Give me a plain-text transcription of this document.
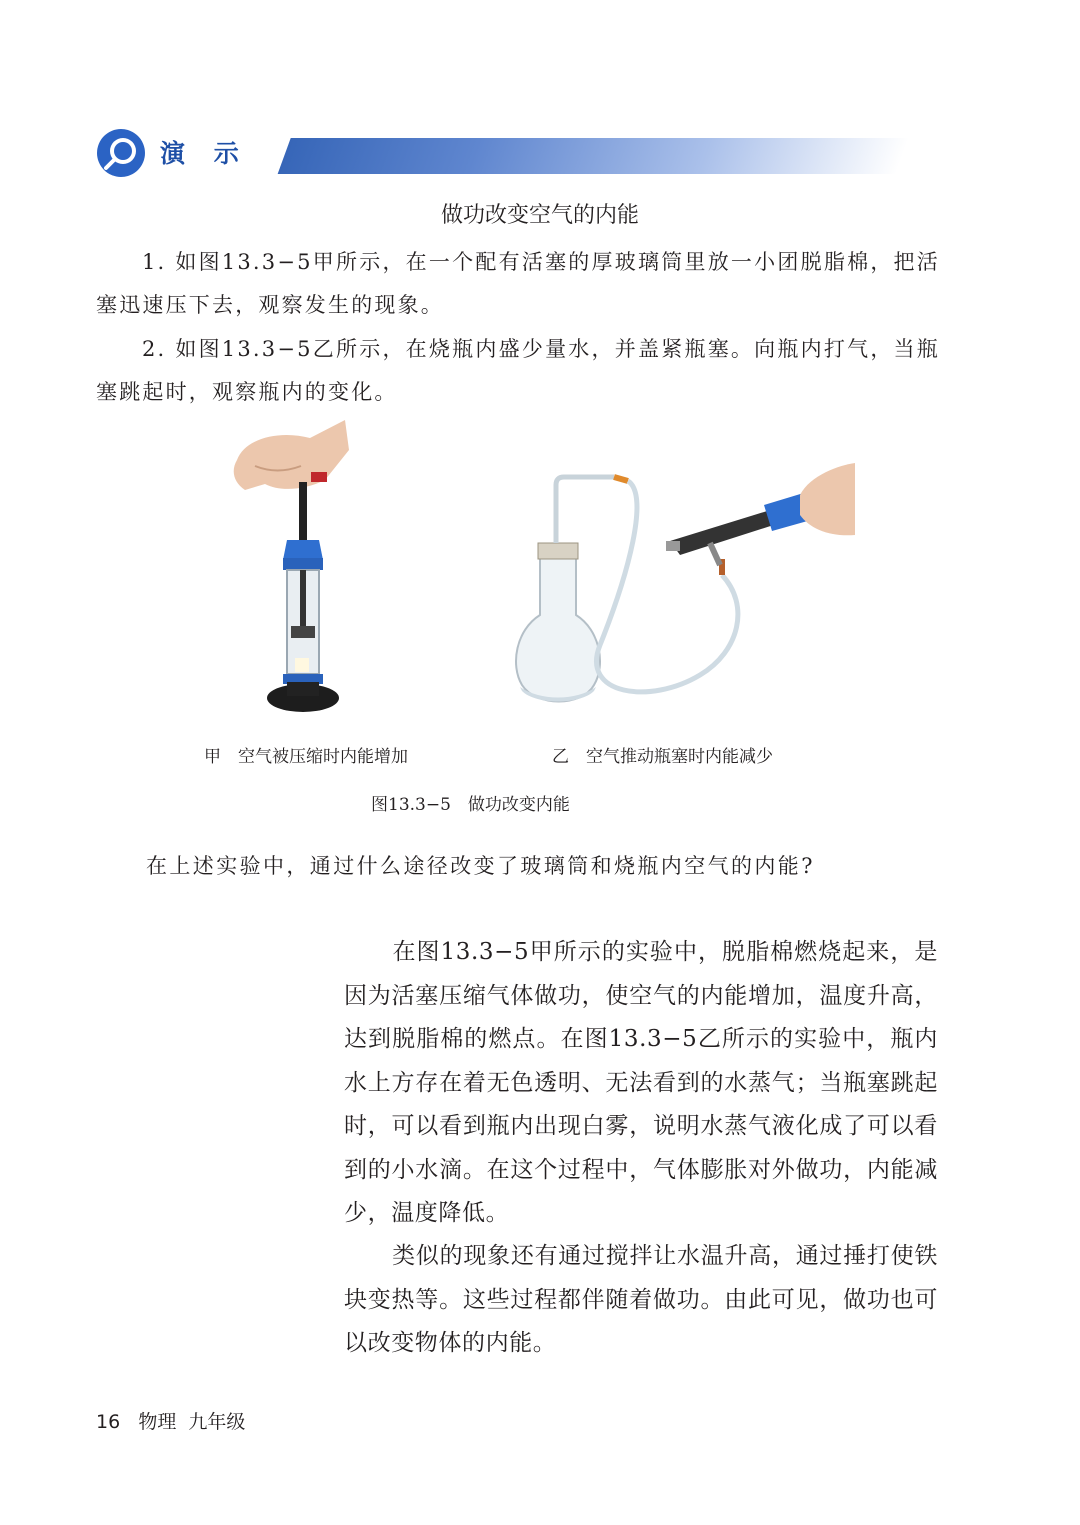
演 示
做功改变空气的内能
1. 如图13.3−5甲所示，在一个配有活塞的厚玻璃筒里放一小团脱脂棉，把活塞迅速压下去，观察发生的现象。
2. 如图13.3−5乙所示，在烧瓶内盛少量水，并盖紧瓶塞。向瓶内打气，当瓶塞跳起时，观察瓶内的变化。
甲　空气被压缩时内能增加	乙　空气推动瓶塞时内能减少
图13.3−5　做功改变内能
在上述实验中，通过什么途径改变了玻璃筒和烧瓶内空气的内能?
在图13.3−5甲所示的实验中，脱脂棉燃烧起来，是因为活塞压缩气体做功，使空气的内能增加，温度升高，达到脱脂棉的燃点。在图13.3−5乙所示的实验中，瓶内水上方存在着无色透明、无法看到的水蒸气；当瓶塞跳起时，可以看到瓶内出现白雾，说明水蒸气液化成了可以看到的小水滴。在这个过程中，气体膨胀对外做功，内能减少，温度降低。
类似的现象还有通过搅拌让水温升高，通过捶打使铁块变热等。这些过程都伴随着做功。由此可见，做功也可以改变物体的内能。
16 物理 九年级
